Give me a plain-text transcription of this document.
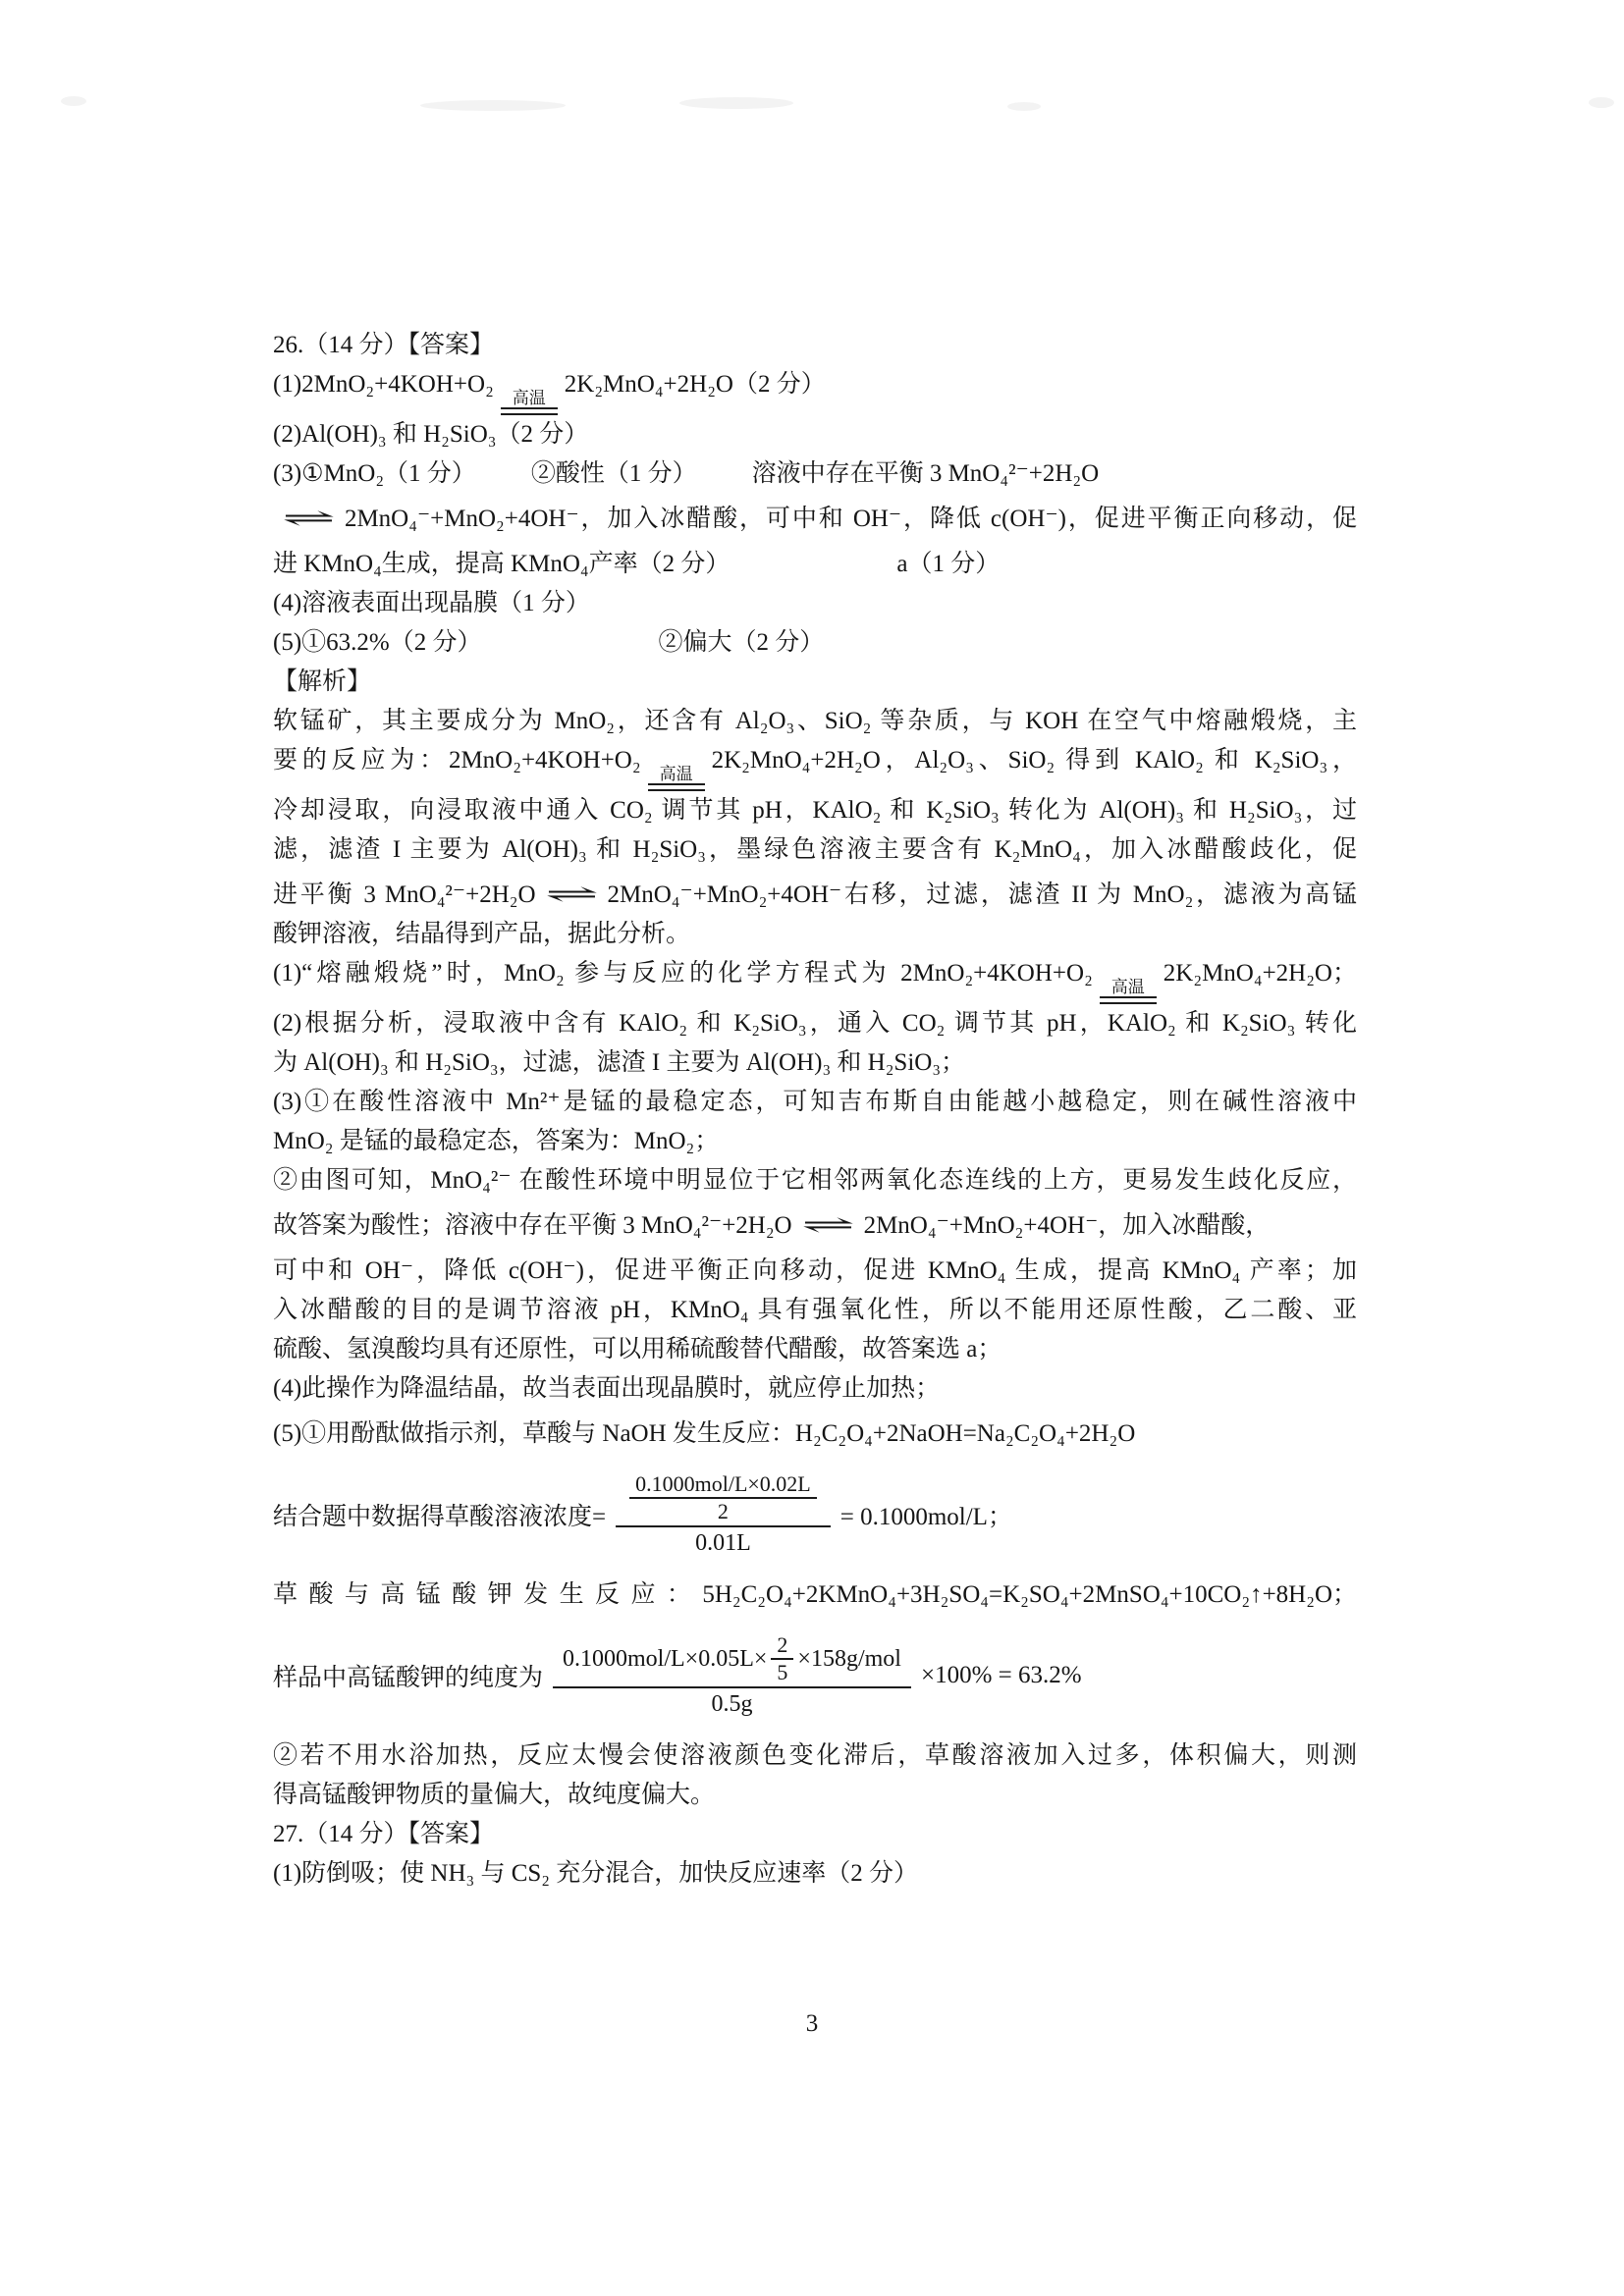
26.（14 分）【答案】
(1)2MnO₂+4KOH+O₂
高温
2K₂MnO₄+2H₂O（2 分）
(2)Al(OH)₃ 和 H₂SiO₃（2 分）
(3)①MnO₂（1 分） ②酸性（1 分） 溶液中存在平衡 3 MnO₄²⁻+2H₂O
⇌ 2MnO₄⁻+MnO₂+4OH⁻，加入冰醋酸，可中和 OH⁻，降低 c(OH⁻)，促进平衡正向移动，促
进 KMnO₄生成，提高 KMnO₄产率（2 分）	a（1 分）
(4)溶液表面出现晶膜（1 分）
(5)①63.2%（2 分）	②偏大（2 分）
【解析】
软锰矿，其主要成分为 MnO₂，还含有 Al₂O₃、SiO₂ 等杂质，与 KOH 在空气中熔融煅烧，主
要的反应为：2MnO₂+4KOH+O₂
高温
2K₂MnO₄+2H₂O，Al₂O₃、SiO₂ 得到 KAlO₂ 和 K₂SiO₃，
冷却浸取，向浸取液中通入 CO₂ 调节其 pH，KAlO₂ 和 K₂SiO₃ 转化为 Al(OH)₃ 和 H₂SiO₃，过
滤，滤渣 I 主要为 Al(OH)₃ 和 H₂SiO₃，墨绿色溶液主要含有 K₂MnO₄，加入冰醋酸歧化，促
进平衡 3 MnO₄²⁻+2H₂O ⇌ 2MnO₄⁻+MnO₂+4OH⁻右移，过滤，滤渣 II 为 MnO₂，滤液为高锰
酸钾溶液，结晶得到产品，据此分析。
(1)“熔融煅烧”时，MnO₂ 参与反应的化学方程式为 2MnO₂+4KOH+O₂
高温
2K₂MnO₄+2H₂O；
(2)根据分析，浸取液中含有 KAlO₂ 和 K₂SiO₃，通入 CO₂ 调节其 pH，KAlO₂ 和 K₂SiO₃ 转化
为 Al(OH)₃ 和 H₂SiO₃，过滤，滤渣 I 主要为 Al(OH)₃ 和 H₂SiO₃；
(3)①在酸性溶液中 Mn²⁺是锰的最稳定态，可知吉布斯自由能越小越稳定，则在碱性溶液中
MnO₂ 是锰的最稳定态，答案为：MnO₂；
②由图可知，MnO₄²⁻ 在酸性环境中明显位于它相邻两氧化态连线的上方，更易发生歧化反应，
故答案为酸性；溶液中存在平衡 3 MnO₄²⁻+2H₂O ⇌ 2MnO₄⁻+MnO₂+4OH⁻，加入冰醋酸，
可中和 OH⁻，降低 c(OH⁻)，促进平衡正向移动，促进 KMnO₄ 生成，提高 KMnO₄ 产率；加
入冰醋酸的目的是调节溶液 pH，KMnO₄ 具有强氧化性，所以不能用还原性酸，乙二酸、亚
硫酸、氢溴酸均具有还原性，可以用稀硫酸替代醋酸，故答案选 a；
(4)此操作为降温结晶，故当表面出现晶膜时，就应停止加热；
(5)①用酚酞做指示剂，草酸与 NaOH 发生反应：H₂C₂O₄+2NaOH=Na₂C₂O₄+2H₂O
结合题中数据得草酸溶液浓度= $\frac{\frac{\text{0.1000mol/L×0.02L}}{2}}{0.01L} = 0.1000mol/L$；
草酸与高锰酸钾发生反应：5H₂C₂O₄+2KMnO₄+3H₂SO₄=K₂SO₄+2MnSO₄+10CO₂↑+8H₂O；
样品中高锰酸钾的纯度为
$0.1000mol/L\times 0.05L\times \frac{2}{5} \times 158g/mol$
0.5g
×100% = 63.2%
②若不用水浴加热，反应太慢会使溶液颜色变化滞后，草酸溶液加入过多，体积偏大，则测
得高锰酸钾物质的量偏大，故纯度偏大。
27.（14 分）【答案】
(1)防倒吸；使 NH₃ 与 CS₂ 充分混合，加快反应速率（2 分）
3
